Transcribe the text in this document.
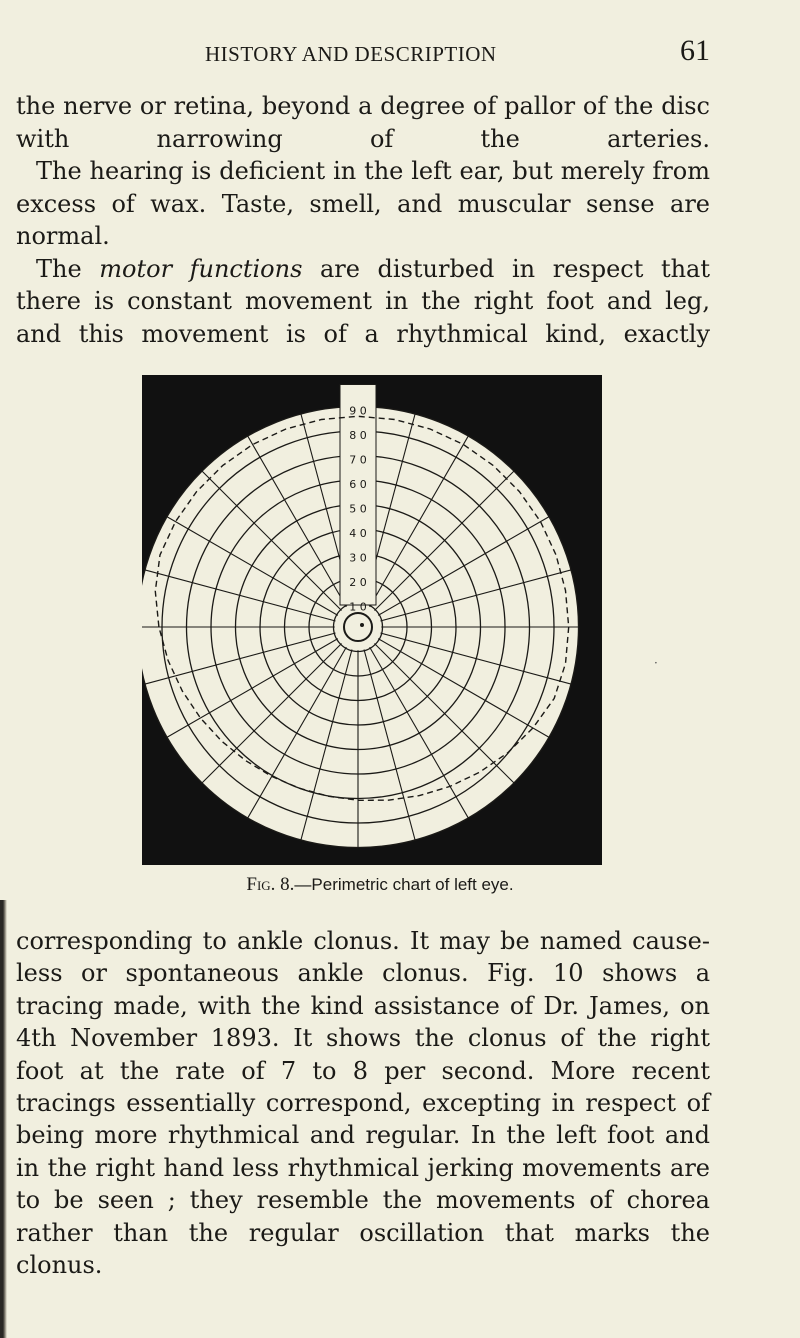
HISTORY AND DESCRIPTION	61

the nerve or retina, beyond a degree of pallor of the disc with narrowing of the arteries.

The hearing is deficient in the left ear, but merely from excess of wax. Taste, smell, and muscular sense are normal.

The motor functions are disturbed in respect that there is constant movement in the right foot and leg, and this movement is of a rhythmical kind, exactly

9 0
8 0
7 0
6 0
5 0
4 0
3 0
2 0
1 0
·
Fig. 8.—Perimetric chart of left eye.

corresponding to ankle clonus. It may be named cause-less or spontaneous ankle clonus. Fig. 10 shows a tracing made, with the kind assistance of Dr. James, on 4th November 1893. It shows the clonus of the right foot at the rate of 7 to 8 per second. More recent tracings essentially correspond, excepting in respect of being more rhythmical and regular. In the left foot and in the right hand less rhythmical jerking movements are to be seen ; they resemble the movements of chorea rather than the regular oscillation that marks the clonus.
